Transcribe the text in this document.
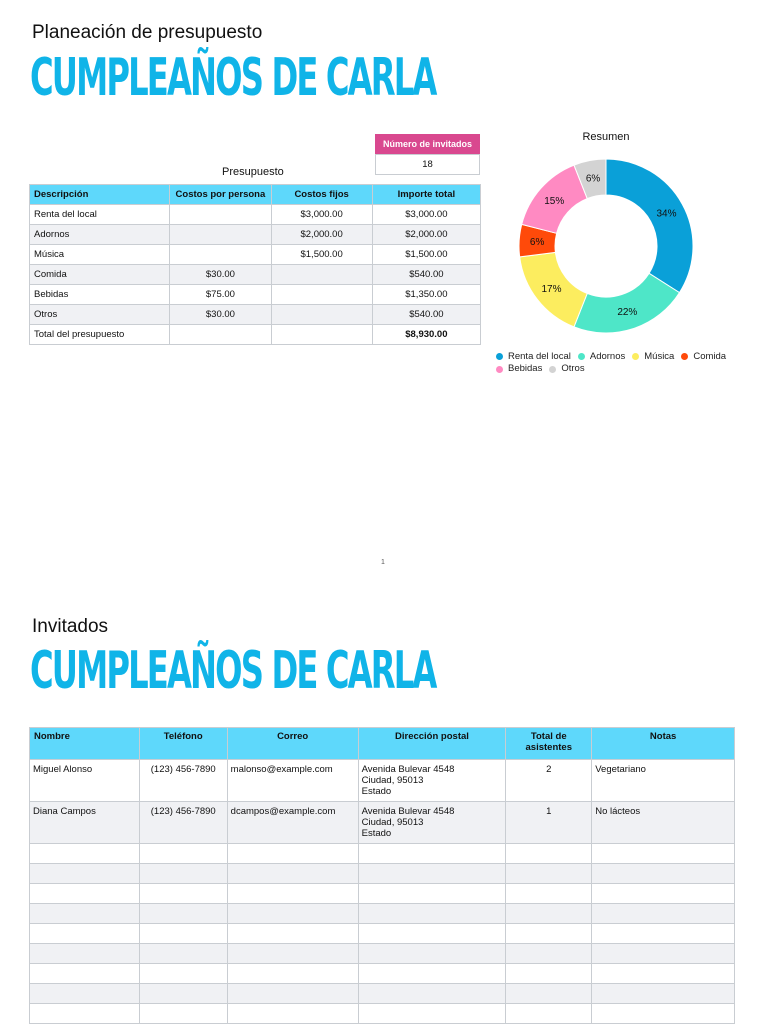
Planeación de presupuesto
CUMPLEAÑOS DE CARLA
Número de invitados
18
Presupuesto
Descripción	Costos por persona	Costos fijos	Importe total
Renta del local		$3,000.00	$3,000.00
Adornos		$2,000.00	$2,000.00
Música		$1,500.00	$1,500.00
Comida	$30.00		$540.00
Bebidas	$75.00		$1,350.00
Otros	$30.00		$540.00
Total del presupuesto			$8,930.00
Resumen
34%
22%
17%
6%
15%
6%
Renta del local Adornos Música Comida

Bebidas Otros
1
Invitados
CUMPLEAÑOS DE CARLA
Nombre	Teléfono	Correo	Dirección postal	Total de asistentes	Notas
Miguel Alonso	(123) 456-7890	malonso@example.com	Avenida Bulevar 4548
Ciudad, 95013
Estado	2	Vegetariano
Diana Campos	(123) 456-7890	dcampos@example.com	Avenida Bulevar 4548
Ciudad, 95013
Estado	1	No lácteos
